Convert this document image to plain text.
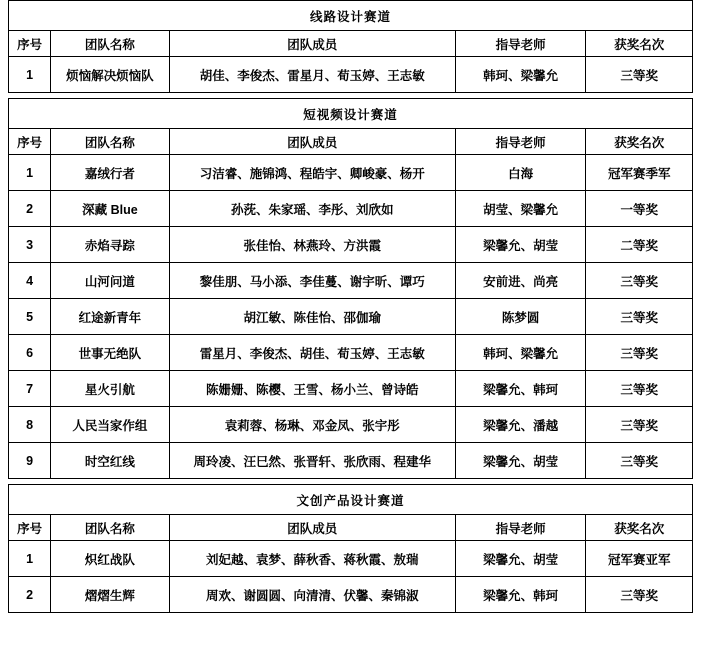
线路设计赛道				
序号	团队名称	团队成员	指导老师	获奖名次
1	烦恼解决烦恼队	胡佳、李俊杰、雷星月、荀玉婷、王志敏	韩珂、梁馨允	三等奖
短视频设计赛道				
序号	团队名称	团队成员	指导老师	获奖名次
1	嘉绒行者	习洁睿、施锦鸿、程皓宇、卿峻豪、杨开	白海	冠军赛季军
2	深藏 Blue	孙莐、朱家瑶、李彤、刘欣如	胡莹、梁馨允	一等奖
3	赤焰寻踪	张佳怡、林燕玲、方洪霞	梁馨允、胡莹	二等奖
4	山河问道	黎佳朋、马小添、李佳蔓、谢宇昕、谭巧	安前进、尚亮	三等奖
5	红途新青年	胡江敏、陈佳怡、邵伽瑜	陈梦圆	三等奖
6	世事无绝队	雷星月、李俊杰、胡佳、荀玉婷、王志敏	韩珂、梁馨允	三等奖
7	星火引航	陈姗姗、陈樱、王雪、杨小兰、曾诗皓	梁馨允、韩珂	三等奖
8	人民当家作组	袁莉蓉、杨琳、邓金凤、张宇彤	梁馨允、潘越	三等奖
9	时空红线	周玲凌、汪巳然、张晋轩、张欣雨、程建华	梁馨允、胡莹	三等奖
文创产品设计赛道				
序号	团队名称	团队成员	指导老师	获奖名次
1	炽红战队	刘妃越、袁梦、薛秋香、蒋秋霞、敖瑞	梁馨允、胡莹	冠军赛亚军
2	熠熠生辉	周欢、谢圆圆、向清清、伏馨、秦锦淑	梁馨允、韩珂	三等奖
